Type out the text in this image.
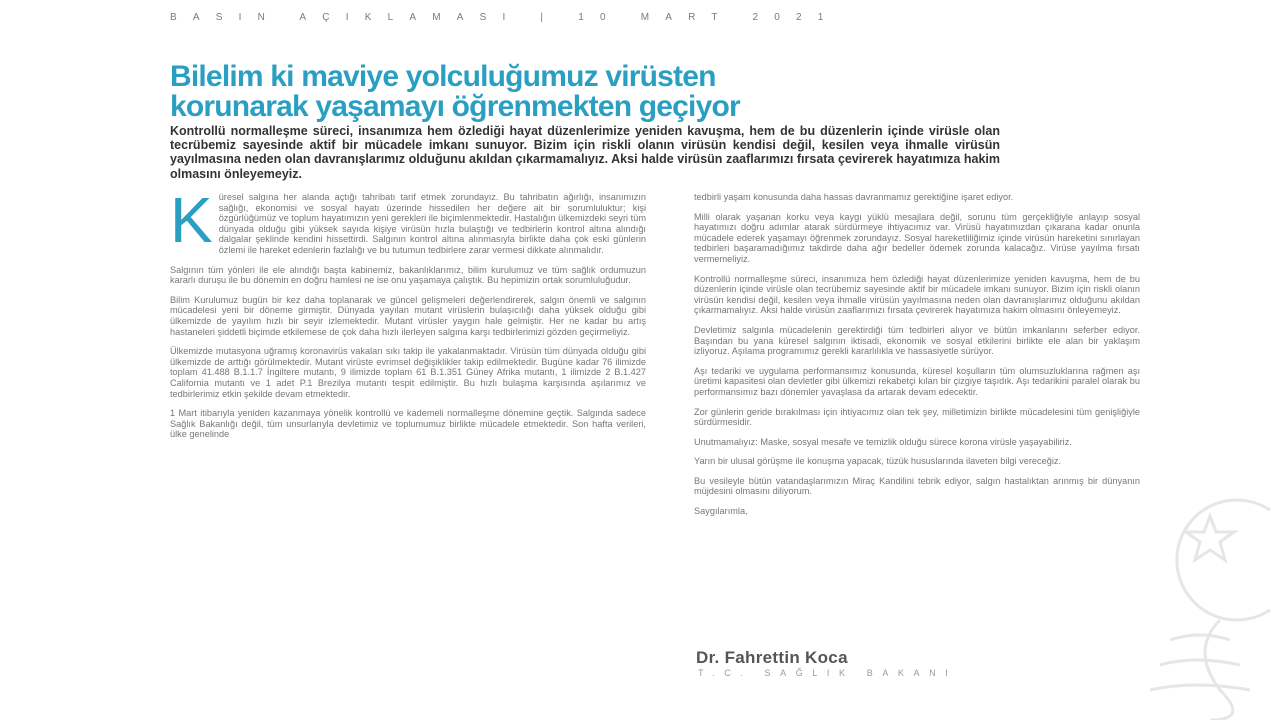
BASIN AÇIKLAMASI | 10 MART 2021
Bilelim ki maviye yolculuğumuz virüsten
korunarak yaşamayı öğrenmekten geçiyor
Kontrollü normalleşme süreci, insanımıza hem özlediği hayat düzenlerimize yeniden kavuşma, hem de bu düzenlerin içinde virüsle olan tecrübemiz sayesinde aktif bir mücadele imkanı sunuyor. Bizim için riskli olanın virüsün kendisi değil, kesilen veya ihmalle virüsün yayılmasına neden olan davranışlarımız olduğunu akıldan çıkarmamalıyız. Aksi halde virüsün zaaflarımızı fırsata çevirerek hayatımıza hakim olmasını önleyemeyiz.
K üresel salgına her alanda açtığı tahribatı tarif etmek zorundayız. Bu tahribatın ağırlığı, insanımızın sağlığı, ekonomisi ve sosyal hayatı üzerinde hissedilen her değere ait bir sorumluluktur; kişi özgürlüğümüz ve toplum hayatımızın yeni gerekleri ile biçimlenmektedir. Hastalığın ülkemizdeki seyri tüm dünyada olduğu gibi yüksek sayıda kişiye virüsün hızla bulaştığı ve tedbirlerin kontrol altına alındığı dalgalar şeklinde kendini hissettirdi. Salgının kontrol altına alınmasıyla birlikte daha çok eski günlerin özlemi ile hareket edenlerin fazlalığı ve bu tutumun tedbirlere zarar vermesi dikkate alınmalıdır.

Salgının tüm yönleri ile ele alındığı başta kabinemiz, bakanlıklarımız, bilim kurulumuz ve tüm sağlık ordumuzun kararlı duruşu ile bu dönemin en doğru hamlesi ne ise onu yaşamaya çalıştık. Bu hepimizin ortak sorumluluğudur.

Bilim Kurulumuz bugün bir kez daha toplanarak ve güncel gelişmeleri değerlendirerek, salgın önemli ve salgının mücadelesi yeni bir döneme girmiştir. Dünyada yayılan mutant virüslerin bulaşıcılığı daha yüksek olduğu gibi ülkemizde de yayılım hızlı bir seyir izlemektedir. Mutant virüsler yaygın hale gelmiştir. Her ne kadar bu artış hastaneleri şiddetli biçimde etkilemese de çok daha hızlı ilerleyen salgına karşı tedbirlerimizi gözden geçirmeliyiz.

Ülkemizde mutasyona uğramış koronavirüs vakaları sıkı takip ile yakalanmaktadır. Virüsün tüm dünyada olduğu gibi ülkemizde de arttığı görülmektedir. Mutant virüste evrimsel değişiklikler takip edilmektedir. Bugüne kadar 76 ilimizde toplam 41.488 B.1.1.7 İngiltere mutantı, 9 ilimizde toplam 61 B.1.351 Güney Afrika mutantı, 1 ilimizde 2 B.1.427 California mutantı ve 1 adet P.1 Brezilya mutantı tespit edilmiştir. Bu hızlı bulaşma karşısında aşılarımız ve tedbirlerimiz etkin şekilde devam etmektedir.

1 Mart itibarıyla yeniden kazanmaya yönelik kontrollü ve kademeli normalleşme dönemine geçtik. Salgında sadece Sağlık Bakanlığı değil, tüm unsurlarıyla devletimiz ve toplumumuz birlikte mücadele etmektedir. Son hafta verileri, ülke genelinde

tedbirli yaşam konusunda daha hassas davranmamız gerektiğine işaret ediyor.

Milli olarak yaşanan korku veya kaygı yüklü mesajlara değil, sorunu tüm gerçekliğiyle anlayıp sosyal hayatımızı doğru adımlar atarak sürdürmeye ihtiyacımız var. Virüsü hayatımızdan çıkarana kadar onunla mücadele ederek yaşamayı öğrenmek zorundayız. Sosyal hareketliliğimiz içinde virüsün hareketini sınırlayan tedbirleri başaramadığımız takdirde daha ağır bedeller ödemek zorunda kalacağız. Virüse yayılma fırsatı vermemeliyiz.

Kontrollü normalleşme süreci, insanımıza hem özlediği hayat düzenlerimize yeniden kavuşma, hem de bu düzenlerin içinde virüsle olan tecrübemiz sayesinde aktif bir mücadele imkanı sunuyor. Bizim için riskli olanın virüsün kendisi değil, kesilen veya ihmalle virüsün yayılmasına neden olan davranışlarımız olduğunu akıldan çıkarmamalıyız. Aksi halde virüsün zaaflarımızı fırsata çevirerek hayatımıza hakim olmasını önleyemeyiz.

Devletimiz salgınla mücadelenin gerektirdiği tüm tedbirleri alıyor ve bütün imkanlarını seferber ediyor. Başından bu yana küresel salgının iktisadi, ekonomik ve sosyal etkilerini birlikte ele alan bir yaklaşım izliyoruz. Aşılama programımız gerekli kararlılıkla ve hassasiyetle sürüyor.

Aşı tedariki ve uygulama performansımız konusunda, küresel koşulların tüm olumsuzluklarına rağmen aşı üretimi kapasitesi olan devletler gibi ülkemizi rekabetçi kılan bir çizgiye taşıdık. Aşı tedarikini paralel olarak bu performansımız bazı dönemler yavaşlasa da artarak devam edecektir.

Zor günlerin geride bırakılması için ihtiyacımız olan tek şey, milletimizin birlikte mücadelesini tüm genişliğiyle sürdürmesidir.

Unutmamalıyız: Maske, sosyal mesafe ve temizlik olduğu sürece korona virüsle yaşayabiliriz.

Yarın bir ulusal görüşme ile konuşma yapacak, tüzük hususlarında ilaveten bilgi vereceğiz.

Bu vesileyle bütün vatandaşlarımızın Miraç Kandilini tebrik ediyor, salgın hastalıktan arınmış bir dünyanın müjdesini olmasını diliyorum.

Saygılarımla,
Dr. Fahrettin Koca
T.C. SAĞLIK BAKANI
